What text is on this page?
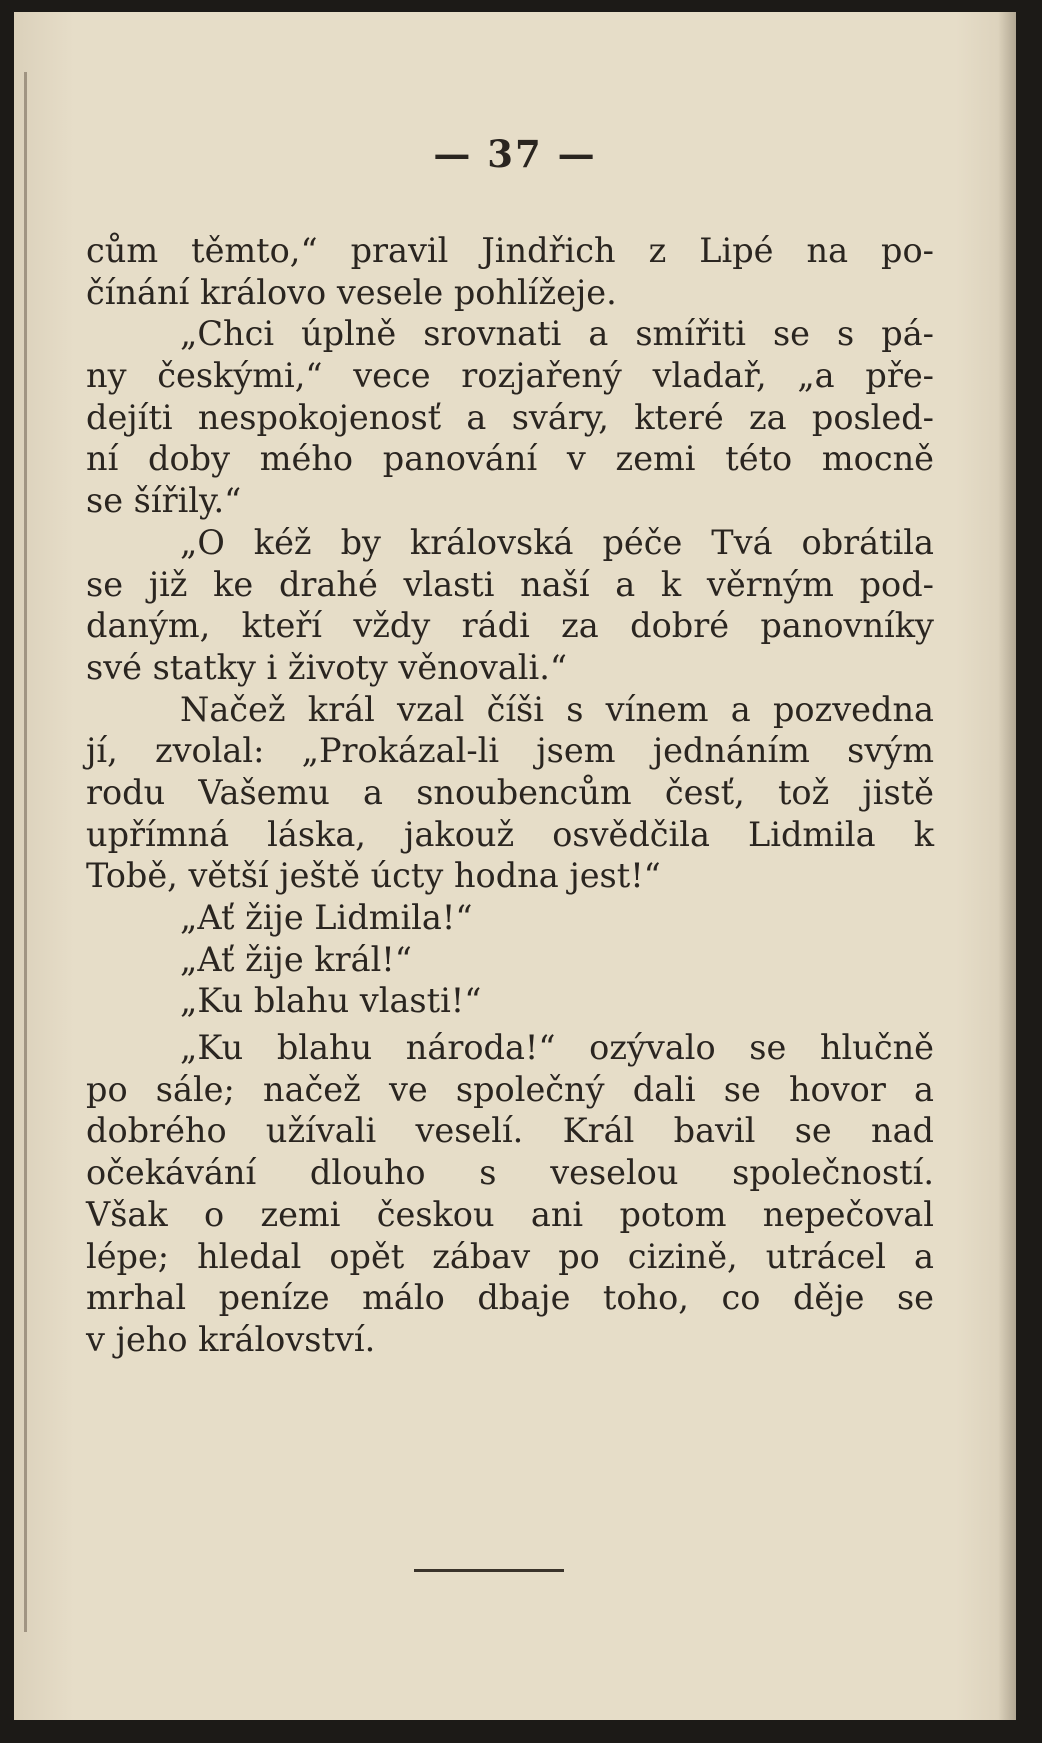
— 37 —
cům těmto,“ pravil Jindřich z Lipé na po-
čínání královo vesele pohlížeje.
„Chci úplně srovnati a smířiti se s pá-
ny českými,“ vece rozjařený vladař, „a pře-
dejíti nespokojenosť a sváry, které za posled-
ní doby mého panování v zemi této mocně
se šířily.“
„O kéž by královská péče Tvá obrátila
se již ke drahé vlasti naší a k věrným pod-
daným, kteří vždy rádi za dobré panovníky
své statky i životy věnovali.“
Načež král vzal číši s vínem a pozvedna
jí, zvolal: „Prokázal-li jsem jednáním svým
rodu Vašemu a snoubencům česť, tož jistě
upřímná láska, jakouž osvědčila Lidmila k
Tobě, větší ještě úcty hodna jest!“
„Ať žije Lidmila!“
„Ať žije král!“
„Ku blahu vlasti!“
„Ku blahu národa!“ ozývalo se hlučně
po sále; načež ve společný dali se hovor a
dobrého užívali veselí. Král bavil se nad
očekávání dlouho s veselou společností.
Však o zemi českou ani potom nepečoval
lépe; hledal opět zábav po cizině, utrácel a
mrhal peníze málo dbaje toho, co děje se
v jeho království.
